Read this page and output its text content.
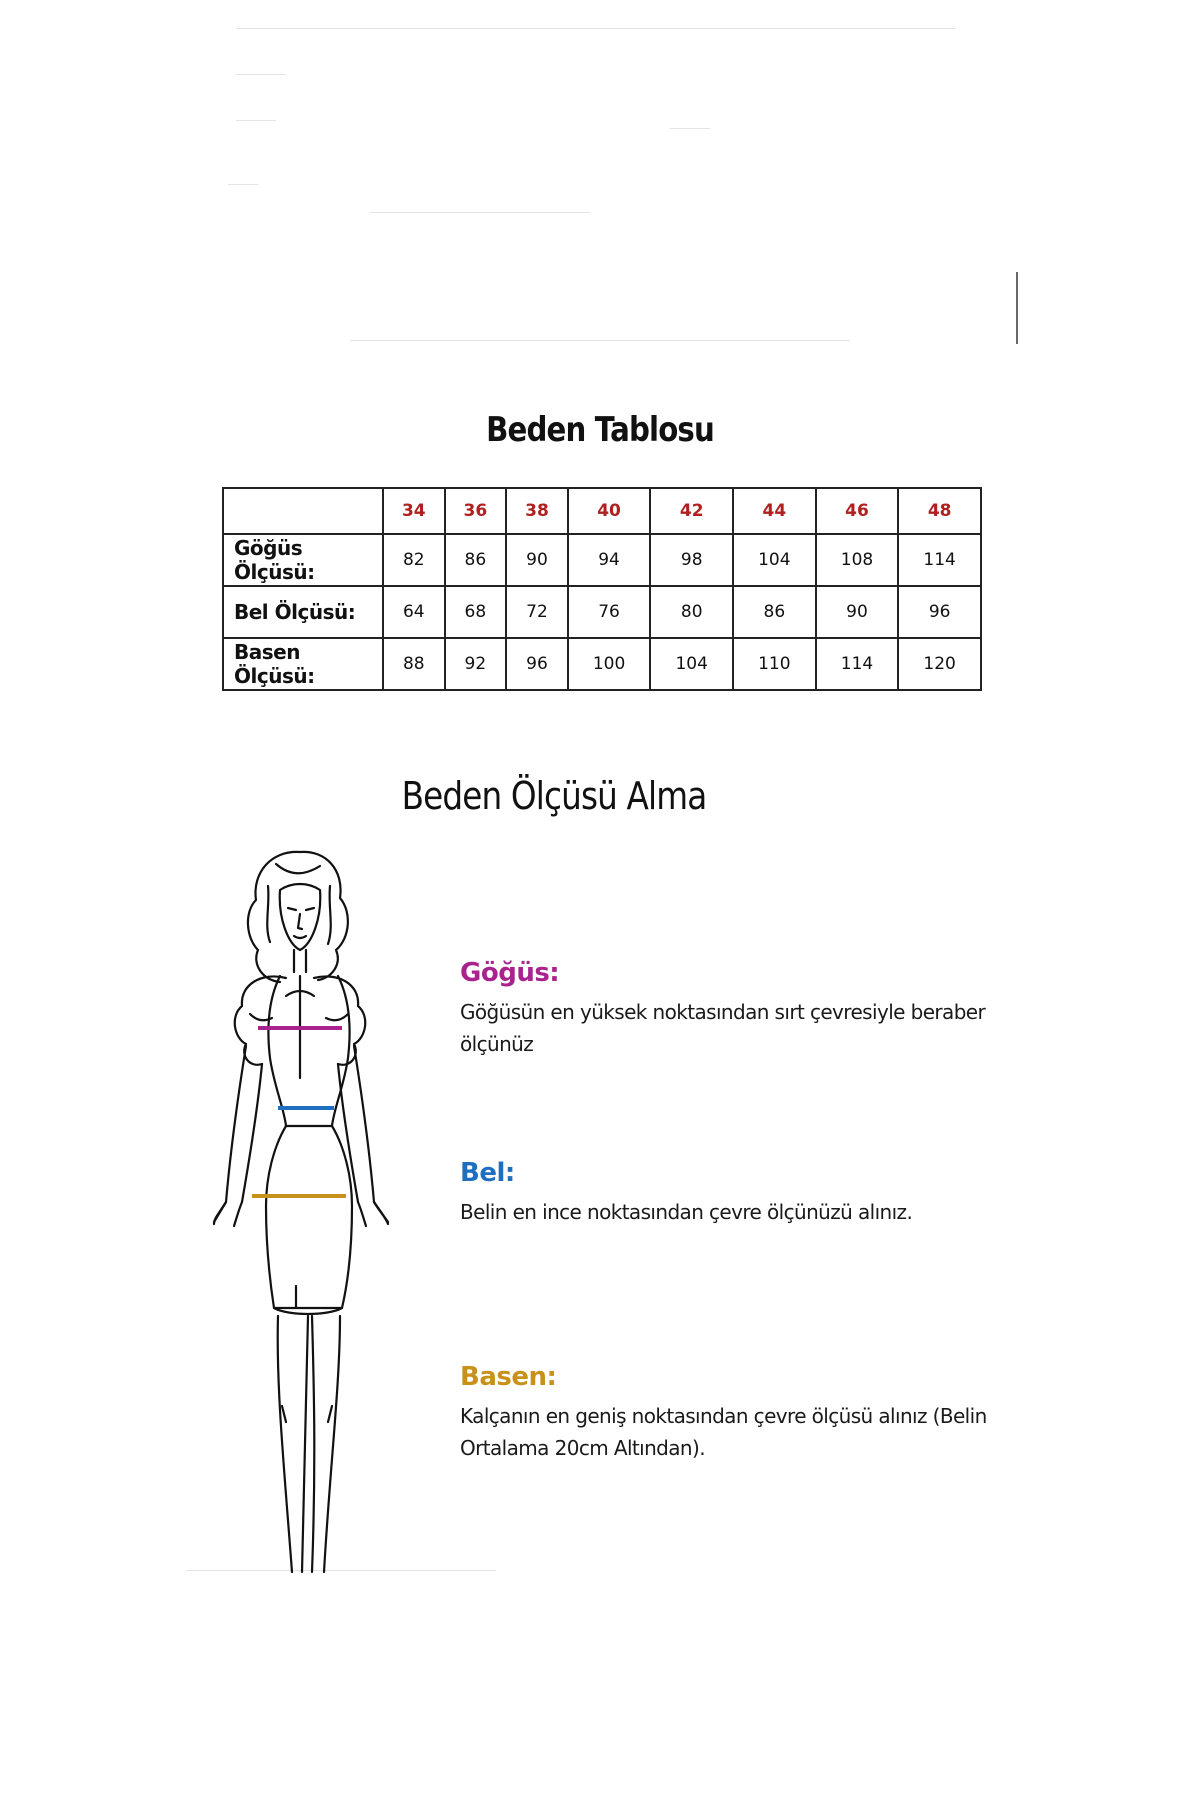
Beden Tablosu
	34	36	38	40	42	44	46	48
Göğüs Ölçüsü:	82	86	90	94	98	104	108	114
Bel Ölçüsü:	64	68	72	76	80	86	90	96
Basen Ölçüsü:	88	92	96	100	104	110	114	120
Beden Ölçüsü Alma
Göğüs:
Göğüsün en yüksek noktasından sırt çevresiyle beraber ölçünüz
Bel:
Belin en ince noktasından çevre ölçünüzü alınız.
Basen:
Kalçanın en geniş noktasından çevre ölçüsü alınız (Belin Ortalama 20cm Altından).
